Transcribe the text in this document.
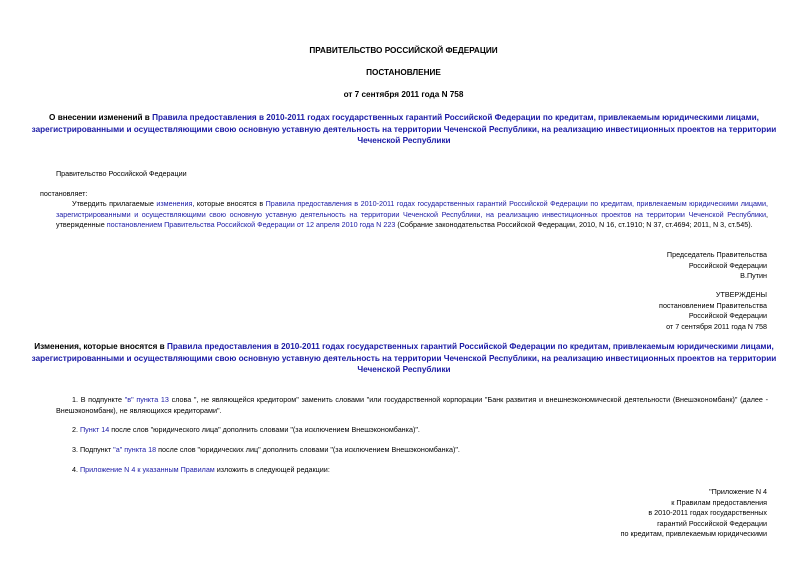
ПРАВИТЕЛЬСТВО РОССИЙСКОЙ ФЕДЕРАЦИИ
ПОСТАНОВЛЕНИЕ
от 7 сентября 2011 года N 758
О внесении изменений в Правила предоставления в 2010-2011 годах государственных гарантий Российской Федерации по кредитам, привлекаемым юридическими лицами, зарегистрированными и осуществляющими свою основную уставную деятельность на территории Чеченской Республики, на реализацию инвестиционных проектов на территории Чеченской Республики
Правительство Российской Федерации
постановляет:

Утвердить прилагаемые изменения, которые вносятся в Правила предоставления в 2010-2011 годах государственных гарантий Российской Федерации по кредитам, привлекаемым юридическими лицами, зарегистрированными и осуществляющими свою основную уставную деятельность на территории Чеченской Республики, на реализацию инвестиционных проектов на территории Чеченской Республики, утвержденные постановлением Правительства Российской Федерации от 12 апреля 2010 года N 223 (Собрание законодательства Российской Федерации, 2010, N 16, ст.1910; N 37, ст.4694; 2011, N 3, ст.545).

Председатель Правительства
Российской Федерации
В.Путин
УТВЕРЖДЕНЫ
постановлением Правительства
Российской Федерации
от 7 сентября 2011 года N 758
Изменения, которые вносятся в Правила предоставления в 2010-2011 годах государственных гарантий Российской Федерации по кредитам, привлекаемым юридическими лицами, зарегистрированными и осуществляющими свою основную уставную деятельность на территории Чеченской Республики, на реализацию инвестиционных проектов на территории Чеченской Республики

1. В подпункте "в" пункта 13 слова ", не являющейся кредитором" заменить словами "или государственной корпорации "Банк развития и внешнеэкономической деятельности (Внешэкономбанк)" (далее - Внешэкономбанк), не являющихся кредиторами".

2. Пункт 14 после слов "юридического лица" дополнить словами "(за исключением Внешэкономбанка)".

3. Подпункт "а" пункта 18 после слов "юридических лиц" дополнить словами "(за исключением Внешэкономбанка)".

4. Приложение N 4 к указанным Правилам изложить в следующей редакции:

"Приложение N 4
к Правилам предоставления
в 2010-2011 годах государственных
гарантий Российской Федерации
по кредитам, привлекаемым юридическими
